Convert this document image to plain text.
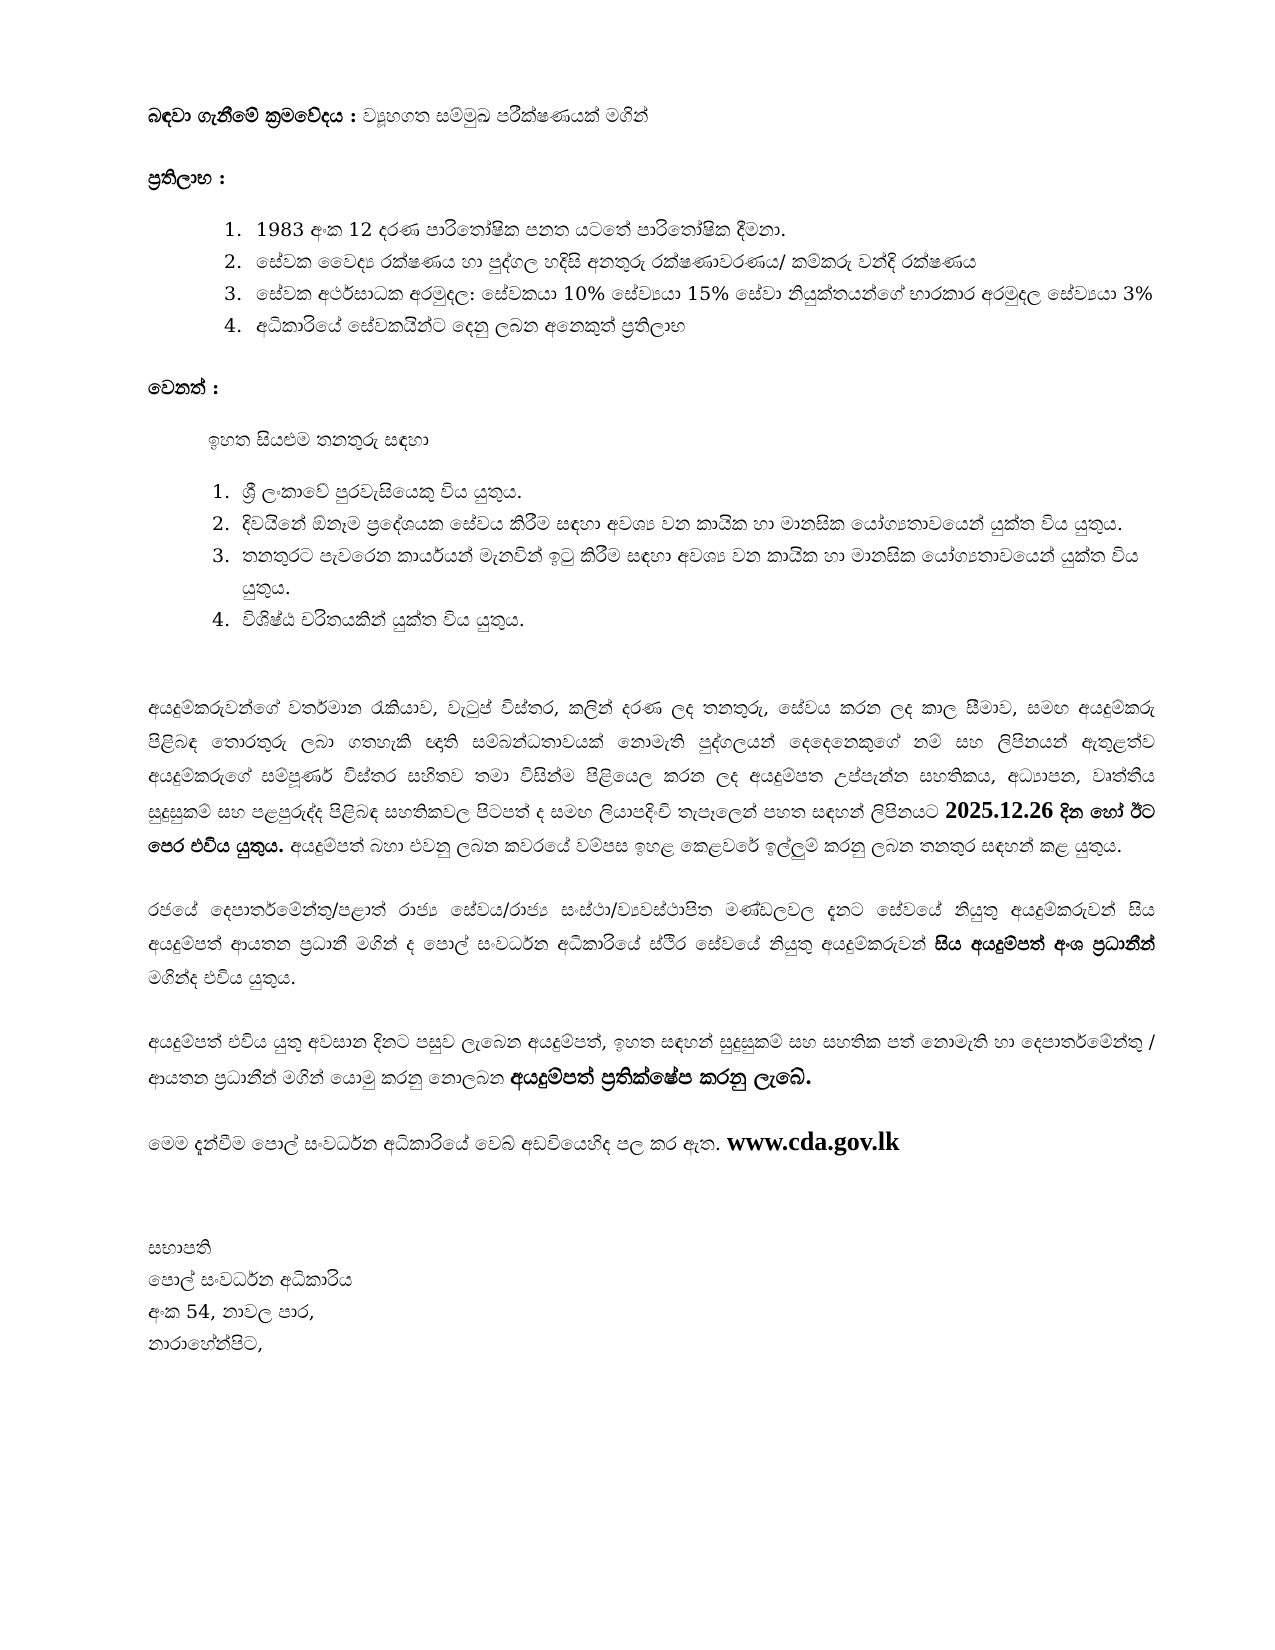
බඳවා ගැනීමේ ක්‍රමවේදය : ව්‍යූහගත සම්මුඛ පරීක්ෂණයක් මගින්
ප්‍රතිලාභ :
1. 1983 අංක 12 දරණ පාරිතෝෂික පනත යටතේ පාරිතෝෂික දීමනා.
2. සේවක වෛද්‍ය රක්ෂණය හා පුද්ගල හදිසි අනතුරු රක්ෂණාවරණය/ කම්කරු වන්දි රක්ෂණය
3. සේවක අර්ථසාධක අරමුදල: සේවකයා 10% සේව්‍යයා 15% සේවා නියුක්තයන්ගේ භාරකාර අරමුදල සේව්‍යයා 3%
4. අධිකාරියේ සේවකයින්ට දෙනු ලබන අනෙකුත් ප්‍රතිලාභ
වෙනත් :
ඉහත සියළුම තනතුරු සඳහා
1. ශ්‍රී ලංකාවේ පුරවැසියෙකු විය යුතුය.
2. දිවයිනේ ඕනෑම ප්‍රදේශයක සේවය කිරීම සඳහා අවශ්‍ය වන කායික හා මානසික යෝග්‍යතාවයෙන් යුක්ත විය යුතුය.
3. තනතුරට පැවරෙන කාර්යයන් මැනවින් ඉටු කිරීම සඳහා අවශ්‍ය වන කායික හා මානසික යෝග්‍යතාවයෙන් යුක්ත විය යුතුය.
4. විශිෂ්ඨ චරිතයකින් යුක්ත විය යුතුය.
අයදුම්කරුවන්ගේ වර්තමාන රැකියාව, වැටුප් විස්තර, කලින් දරණ ලද තනතුරු, සේවය කරන ලද කාල සීමාව, සමඟ අයදුම්කරු පිළිබඳ තොරතුරු ලබා ගතහැකි ඥාති සම්බන්ධතාවයක් නොමැති පුද්ගලයන් දෙදෙනෙකුගේ නම් සහ ලිපිනයන් ඇතුළත්ව අයදුම්කරුගේ සම්පූර්ණ විස්තර සහිතව තමා විසින්ම පිළියෙල කරන ලද අයදුම්පත උප්පැන්න සහතිකය, අධ්‍යාපන, වෘත්තීය සුදුසුකම් සහ පළපුරුද්ද පිළිබඳ සහතිකවල පිටපත් ද සමඟ ලියාපදිංචි තැපෑලෙන් පහත සඳහන් ලිපිනයට 2025.12.26 දින හෝ ඊට පෙර එවිය යුතුය. අයදුම්පත් බහා එවනු ලබන කවරයේ වම්පස ඉහළ කෙළවරේ ඉල්ලුම් කරනු ලබන තනතුර සඳහන් කළ යුතුය.
රජයේ දෙපාර්තමේන්තු/පළාත් රාජ්‍ය සේවය/රාජ්‍ය සංස්ථා/ව්‍යවස්ථාපිත මණ්ඩලවල දැනට සේවයේ නියුතු අයදුම්කරුවන් සිය අයදුම්පත් ආයතන ප්‍රධානී මගින් ද පොල් සංවර්ධන අධිකාරියේ ස්ථිර සේවයේ නියුතු අයදුම්කරුවන් සිය අයදුම්පත් අංශ ප්‍රධානීන් මගින්ද එවිය යුතුය.
අයදුම්පත් එවිය යුතු අවසාන දිනට පසුව ලැබෙන අයදුම්පත්, ඉහත සඳහන් සුදුසුකම් සහ සහතික පත් නොමැති හා දෙපාර්තමේන්තු /ආයතන ප්‍රධානීන් මගින් යොමු කරනු නොලබන අයදුම්පත් ප්‍රතික්ෂේප කරනු ලැබේ.
මෙම දැන්වීම පොල් සංවර්ධන අධිකාරියේ වෙබ් අඩවියෙහිද පල කර ඇත. www.cda.gov.lk
සභාපති
පොල් සංවර්ධන අධිකාරිය
අංක 54, නාවල පාර,
නාරාහේන්පිට,
